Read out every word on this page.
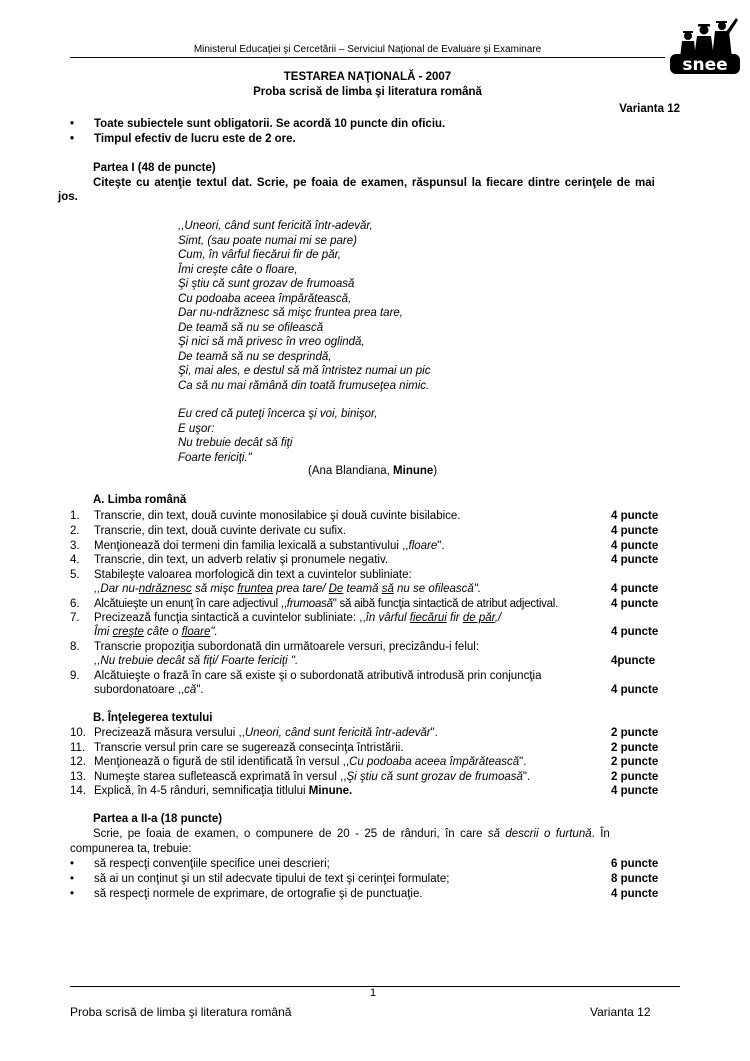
Ministerul Educaţiei şi Cercetării – Serviciul Naţional de Evaluare şi Examinare
snee
TESTAREA NAŢIONALĂ - 2007
Proba scrisă de limba şi literatura română
Varianta 12
• Toate subiectele sunt obligatorii. Se acordă 10 puncte din oficiu.
• Timpul efectiv de lucru este de 2 ore.
Partea I (48 de puncte)
Citeşte cu atenţie textul dat. Scrie, pe foaia de examen, răspunsul la fiecare dintre cerinţele de mai
jos.
,,Uneori, când sunt fericită într-adevăr,
Simt, (sau poate numai mi se pare)
Cum, în vârful fiecărui fir de păr,
Îmi creşte câte o floare,
Şi ştiu că sunt grozav de frumoasă
Cu podoaba aceea împărătească,
Dar nu-ndrăznesc să mişc fruntea prea tare,
De teamă să nu se ofilească
Şi nici să mă privesc în vreo oglindă,
De teamă să nu se desprindă,
Şi, mai ales, e destul să mă întristez numai un pic
Ca să nu mai rămână din toată frumuseţea nimic.
Eu cred că puteţi încerca şi voi, binişor,
E uşor:
Nu trebuie decât să fiţi
Foarte fericiţi."
(Ana Blandiana, Minune)
A. Limba română
1. Transcrie, din text, două cuvinte monosilabice şi două cuvinte bisilabice.	4 puncte
2. Transcrie, din text, două cuvinte derivate cu sufix.	4 puncte
3. Menţionează doi termeni din familia lexicală a substantivului ,,floare".	4 puncte
4. Transcrie, din text, un adverb relativ şi pronumele negativ.	4 puncte
5. Stabileşte valoarea morfologică din text a cuvintelor subliniate:
,,Dar nu-ndrăznesc să mişc fruntea prea tare/ De teamă să nu se ofilească".	4 puncte
6. Alcătuieşte un enunţ în care adjectivul ,,frumoasă" să aibă funcţia sintactică de atribut adjectival.	4 puncte
7. Precizează funcţia sintactică a cuvintelor subliniate: ,,în vârful fiecărui fir de păr,/
Îmi creşte câte o floare".	4 puncte
8. Transcrie propoziţia subordonată din următoarele versuri, precizându-i felul:
,,Nu trebuie decât să fiţi/ Foarte fericiţi ".	4puncte
9. Alcătuieşte o frază în care să existe şi o subordonată atributivă introdusă prin conjuncţia
subordonatoare ,,că".	4 puncte
B. Înţelegerea textului
10. Precizează măsura versului ,,Uneori, când sunt fericită într-adevăr".	2 puncte
11. Transcrie versul prin care se sugerează consecinţa întristării.	2 puncte
12. Menţionează o figură de stil identificată în versul ,,Cu podoaba aceea împărătească".	2 puncte
13. Numeşte starea sufletească exprimată în versul ,,Şi ştiu că sunt grozav de frumoasă".	2 puncte
14. Explică, în 4-5 rânduri, semnificaţia titlului Minune.	4 puncte
Partea a II-a (18 puncte)
Scrie, pe foaia de examen, o compunere de 20 - 25 de rânduri, în care să descrii o furtună. În
compunerea ta, trebuie:
• să respecţi convenţiile specifice unei descrieri;	6 puncte
• să ai un conţinut şi un stil adecvate tipului de text şi cerinţei formulate;	8 puncte
• să respecţi normele de exprimare, de ortografie şi de punctuaţie.	4 puncte
1
Proba scrisă de limba şi literatura română	Varianta 12
